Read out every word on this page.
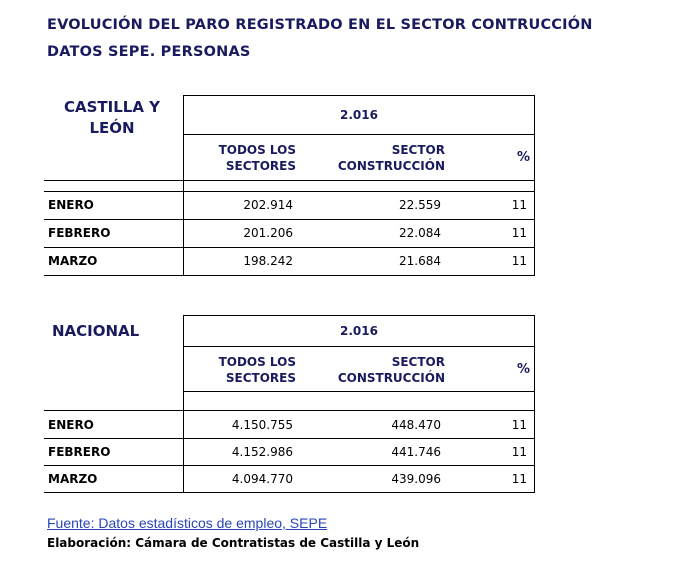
EVOLUCIÓN DEL PARO REGISTRADO EN EL SECTOR CONTRUCCIÓN
DATOS SEPE. PERSONAS
CASTILLA Y
LEÓN
2.016
TODOS LOS
SECTORES
SECTOR
CONSTRUCCIÓN
%
ENERO	202.914	22.559	11
FEBRERO	201.206	22.084	11
MARZO	198.242	21.684	11
NACIONAL	2.016
TODOS LOS
SECTORES
SECTOR
CONSTRUCCIÓN
%
ENERO	4.150.755	448.470	11
FEBRERO	4.152.986	441.746	11
MARZO	4.094.770	439.096	11
Fuente: Datos estadísticos de empleo, SEPE
Elaboración: Cámara de Contratistas de Castilla y León
